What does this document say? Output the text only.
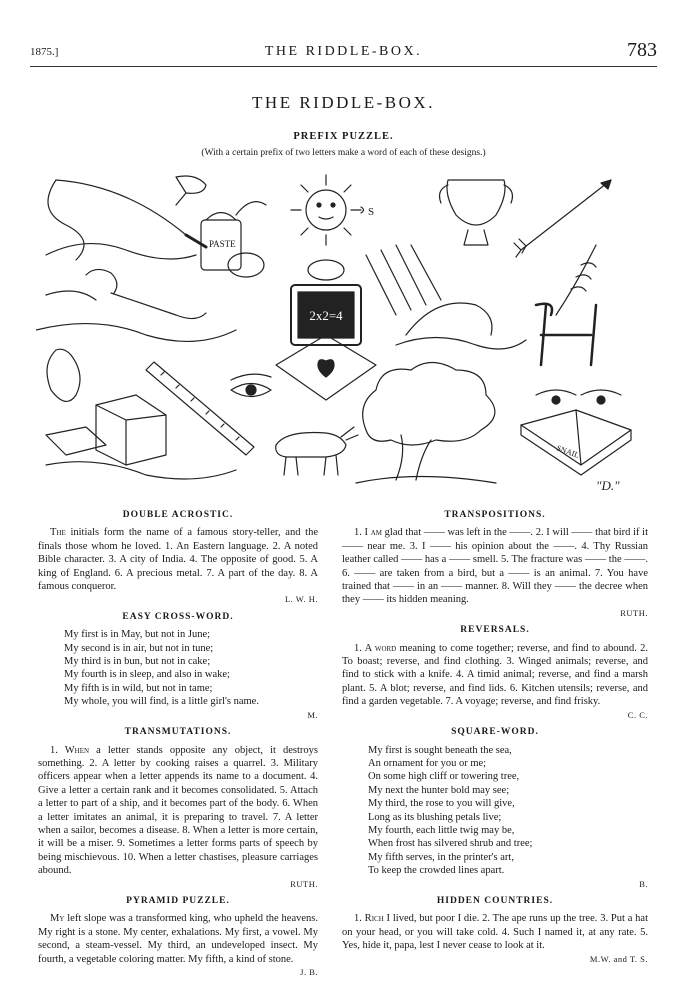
1875.]	THE RIDDLE-BOX.	783
THE RIDDLE-BOX.
PREFIX PUZZLE.
(With a certain prefix of two letters make a word of each of these designs.)
PASTE
2x2=4
S
SNAIL
"D."
DOUBLE ACROSTIC.
The initials form the name of a famous story-teller, and the finals those whom he loved. 1. An Eastern language. 2. A noted Bible character. 3. A city of India. 4. The opposite of good. 5. A king of England. 6. A precious metal. 7. A part of the day. 8. A famous conqueror.
L. W. H.
EASY CROSS-WORD.
My first is in May, but not in June;
My second is in air, but not in tune;
My third is in bun, but not in cake;
My fourth is in sleep, and also in wake;
My fifth is in wild, but not in tame;
My whole, you will find, is a little girl's name.
M.
TRANSMUTATIONS.
1. When a letter stands opposite any object, it destroys something. 2. A letter by cooking raises a quarrel. 3. Military officers appear when a letter appends its name to a document. 4. Give a letter a certain rank and it becomes consolidated. 5. Attach a letter to part of a ship, and it becomes part of the body. 6. When a letter imitates an animal, it is preparing to travel. 7. A letter when a sailor, becomes a disease. 8. When a letter is more certain, it will be a miser. 9. Sometimes a letter forms parts of speech by being mischievous. 10. When a letter chastises, pleasure carriages abound.
RUTH.
PYRAMID PUZZLE.
My left slope was a transformed king, who upheld the heavens. My right is a stone. My center, exhalations. My first, a vowel. My second, a steam-vessel. My third, an undeveloped insect. My fourth, a vegetable coloring matter. My fifth, a kind of stone.
J. B.
TRANSPOSITIONS.
1. I am glad that —— was left in the ——. 2. I will —— that bird if it —— near me. 3. I —— his opinion about the ——. 4. Thy Russian leather called —— has a —— smell. 5. The fracture was —— the ——. 6. —— are taken from a bird, but a —— is an animal. 7. You have trained that —— in an —— manner. 8. Will they —— the decree when they —— its hidden meaning.
RUTH.
REVERSALS.
1. A word meaning to come together; reverse, and find to abound. 2. To boast; reverse, and find clothing. 3. Winged animals; reverse, and find to stick with a knife. 4. A timid animal; reverse, and find a marsh plant. 5. A blot; reverse, and find lids. 6. Kitchen utensils; reverse, and find a garden vegetable. 7. A voyage; reverse, and find frisky.
C. C.
SQUARE-WORD.
My first is sought beneath the sea,
An ornament for you or me;
On some high cliff or towering tree,
My next the hunter bold may see;
My third, the rose to you will give,
Long as its blushing petals live;
My fourth, each little twig may be,
When frost has silvered shrub and tree;
My fifth serves, in the printer's art,
To keep the crowded lines apart.
B.
HIDDEN COUNTRIES.
1. Rich I lived, but poor I die. 2. The ape runs up the tree. 3. Put a hat on your head, or you will take cold. 4. Such I named it, at any rate. 5. Yes, hide it, papa, lest I never cease to look at it.
M.W. and T. S.
